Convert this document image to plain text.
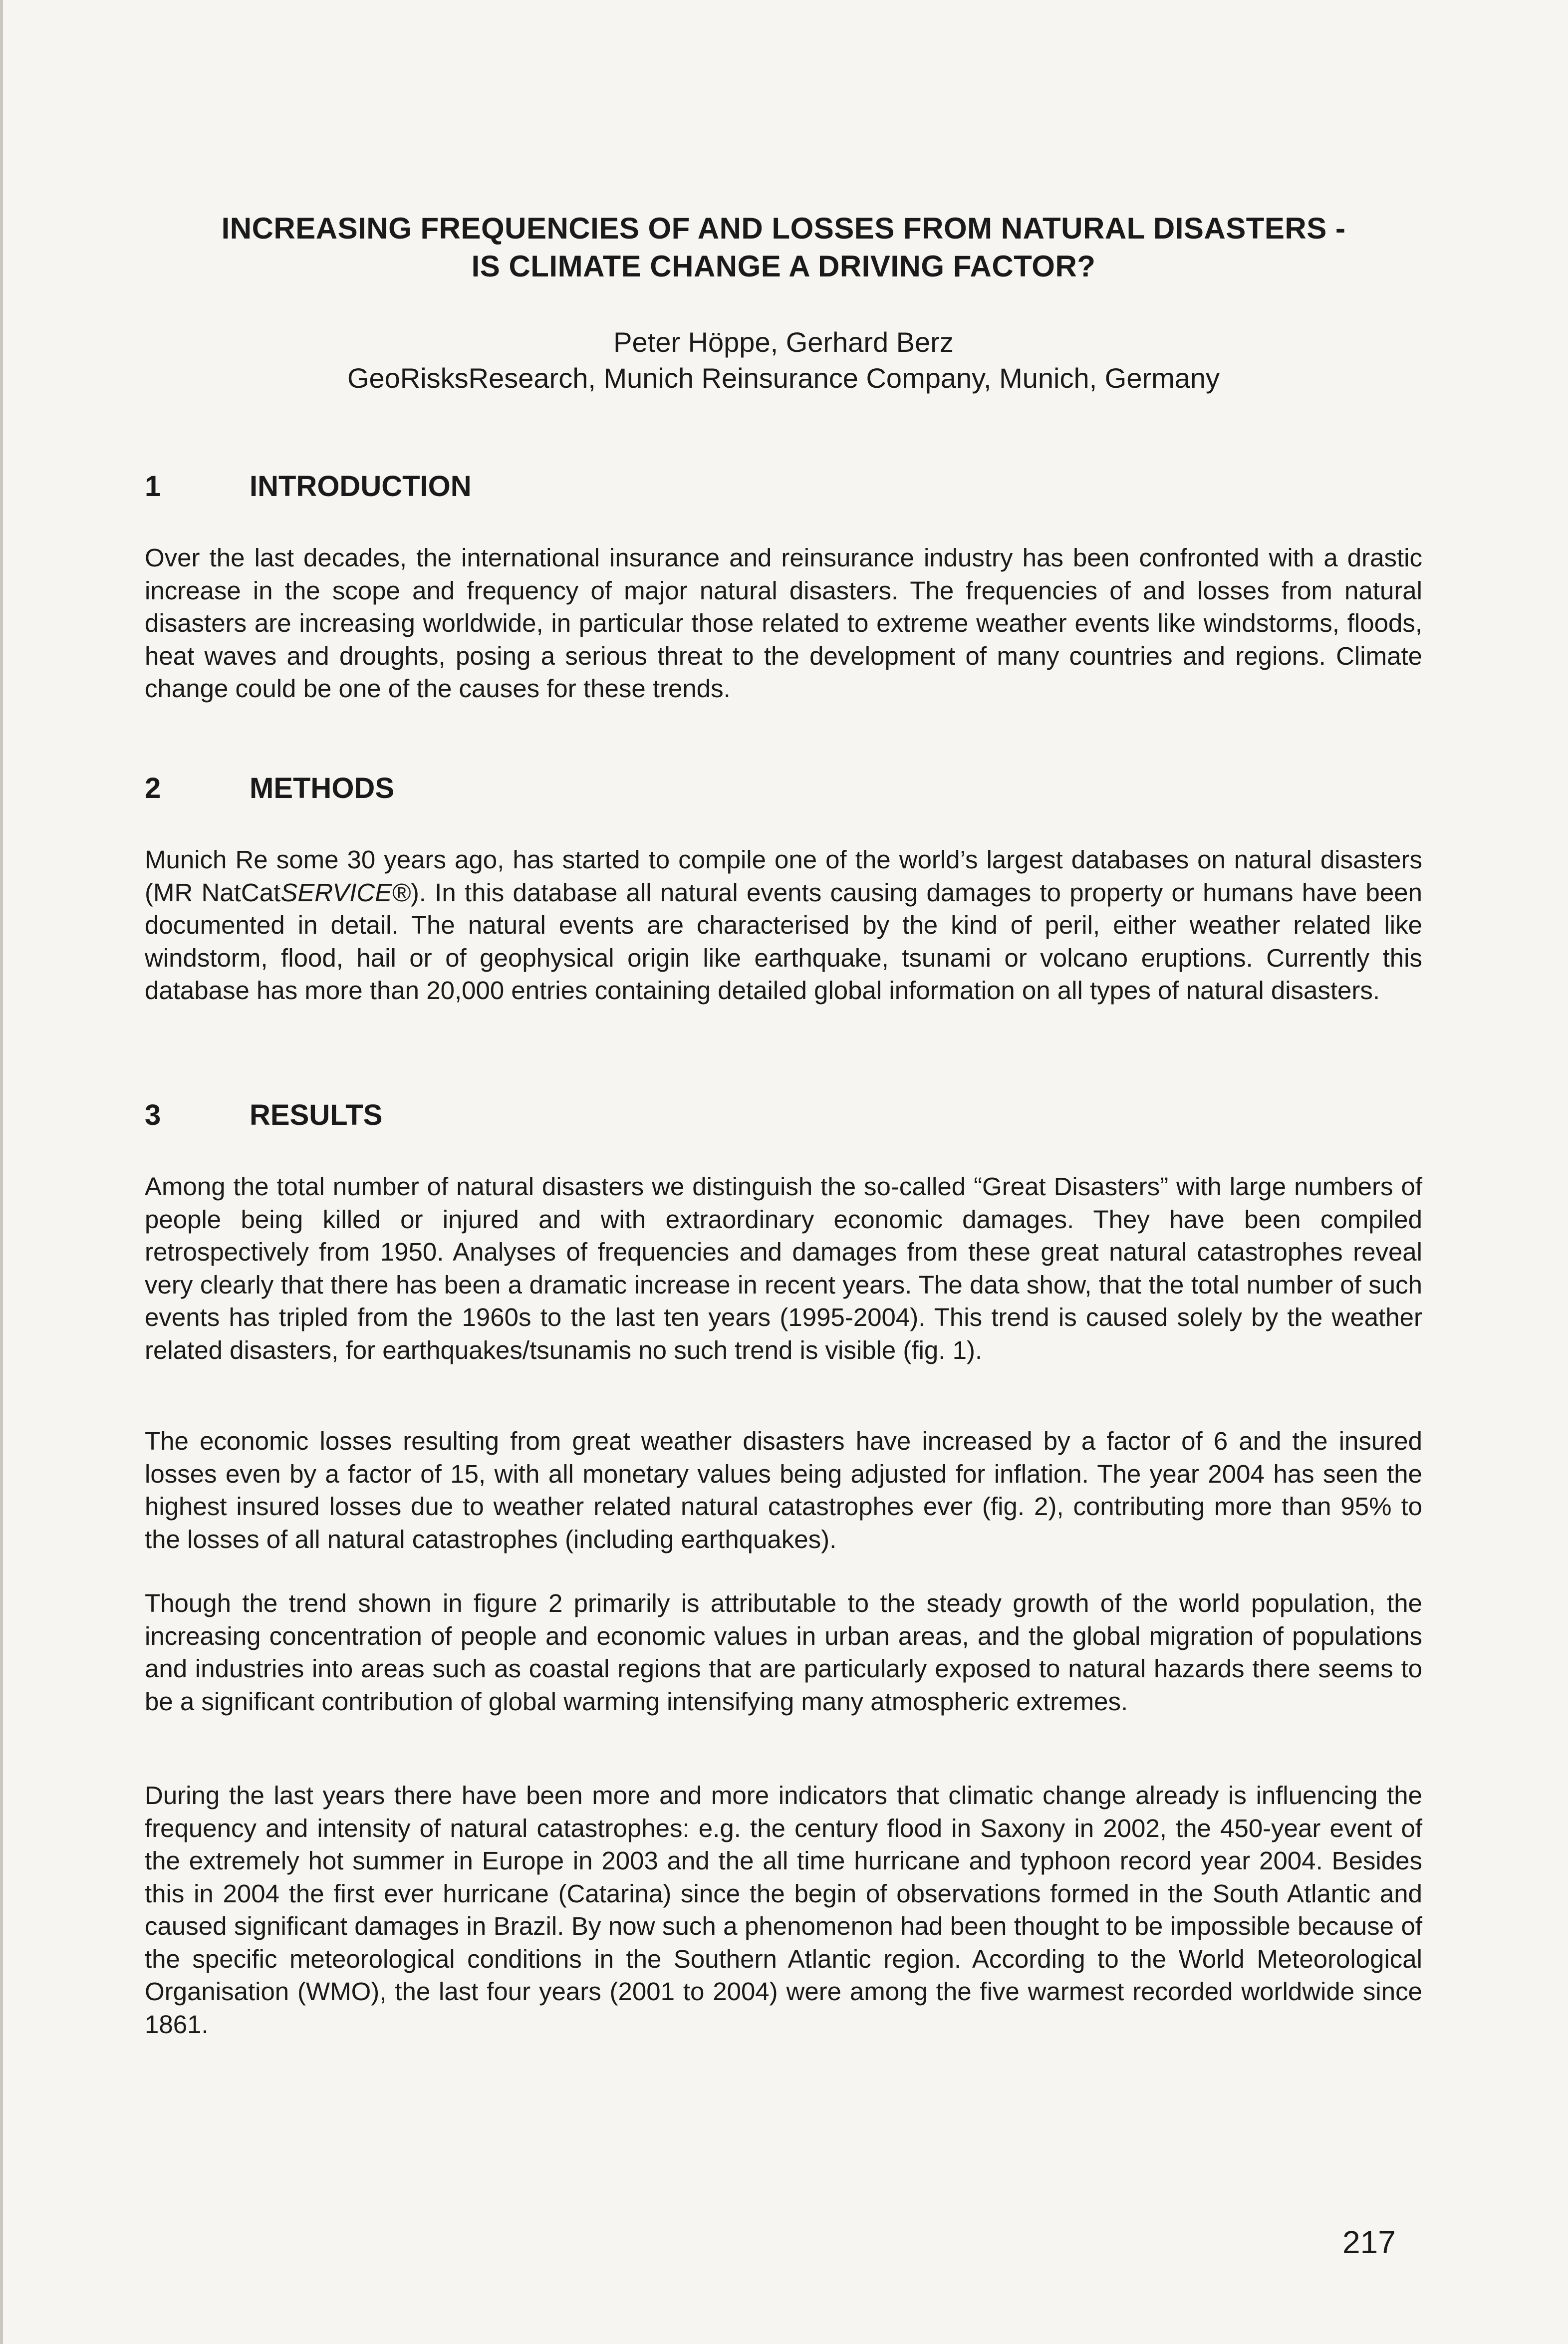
INCREASING FREQUENCIES OF AND LOSSES FROM NATURAL DISASTERS -
IS CLIMATE CHANGE A DRIVING FACTOR?
Peter Höppe, Gerhard Berz
GeoRisksResearch, Munich Reinsurance Company, Munich, Germany
1	INTRODUCTION

Over the last decades, the international insurance and reinsurance industry has been confronted with a drastic increase in the scope and frequency of major natural disasters. The frequencies of and losses from natural disasters are increasing worldwide, in particular those related to extreme weather events like windstorms, floods, heat waves and droughts, posing a serious threat to the development of many countries and regions. Climate change could be one of the causes for these trends.

2	METHODS

Munich Re some 30 years ago, has started to compile one of the world’s largest databases on natural disasters (MR NatCatSERVICE®). In this database all natural events causing damages to property or humans have been documented in detail. The natural events are characterised by the kind of peril, either weather related like windstorm, flood, hail or of geophysical origin like earthquake, tsunami or volcano eruptions. Currently this database has more than 20,000 entries containing detailed global information on all types of natural disasters.

3	RESULTS

Among the total number of natural disasters we distinguish the so-called “Great Disasters” with large numbers of people being killed or injured and with extraordinary economic damages. They have been compiled retrospectively from 1950. Analyses of frequencies and damages from these great natural catastrophes reveal very clearly that there has been a dramatic increase in recent years. The data show, that the total number of such events has tripled from the 1960s to the last ten years (1995-2004). This trend is caused solely by the weather related disasters, for earthquakes/tsunamis no such trend is visible (fig. 1).

The economic losses resulting from great weather disasters have increased by a factor of 6 and the insured losses even by a factor of 15, with all monetary values being adjusted for inflation. The year 2004 has seen the highest insured losses due to weather related natural catastrophes ever (fig. 2), contributing more than 95% to the losses of all natural catastrophes (including earthquakes).

Though the trend shown in figure 2 primarily is attributable to the steady growth of the world population, the increasing concentration of people and economic values in urban areas, and the global migration of populations and industries into areas such as coastal regions that are particularly exposed to natural hazards there seems to be a significant contribution of global warming intensifying many atmospheric extremes.

During the last years there have been more and more indicators that climatic change already is influencing the frequency and intensity of natural catastrophes: e.g. the century flood in Saxony in 2002, the 450-year event of the extremely hot summer in Europe in 2003 and the all time hurricane and typhoon record year 2004. Besides this in 2004 the first ever hurricane (Catarina) since the begin of observations formed in the South Atlantic and caused significant damages in Brazil. By now such a phenomenon had been thought to be impossible because of the specific meteorological conditions in the Southern Atlantic region. According to the World Meteorological Organisation (WMO), the last four years (2001 to 2004) were among the five warmest recorded worldwide since 1861.

217
